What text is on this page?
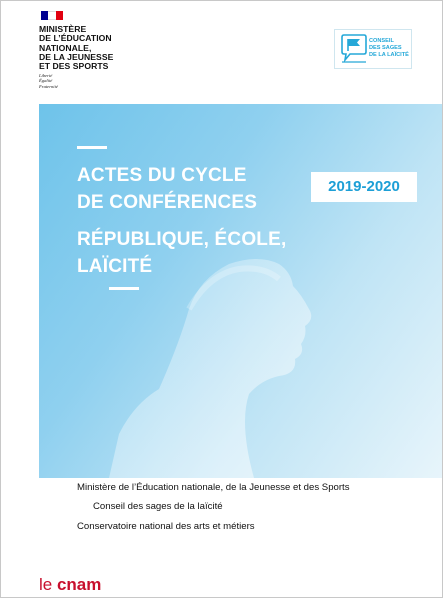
MINISTÈRE
DE L’ÉDUCATION
NATIONALE,
DE LA JEUNESSE
ET DES SPORTS
Liberté
Égalité
Fraternité
CONSEIL
DES SAGES
DE LA LAÏCITÉ
ACTES DU CYCLE
DE CONFÉRENCES
RÉPUBLIQUE, ÉCOLE,
LAÏCITÉ
2019-2020
Ministère de l’Éducation nationale, de la Jeunesse et des Sports
Conseil des sages de la laïcité
Conservatoire national des arts et métiers
le cnam
